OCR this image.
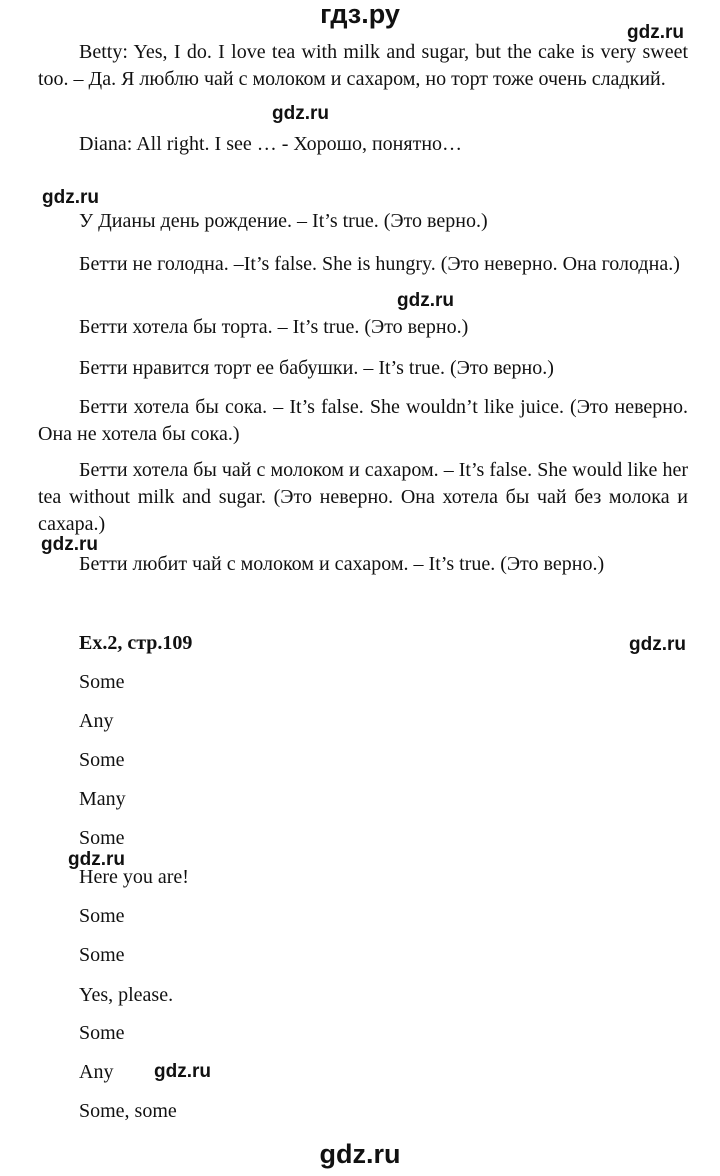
гдз.ру
gdz.ru
gdz.ru
gdz.ru
gdz.ru
gdz.ru
gdz.ru
gdz.ru
gdz.ru

Betty: Yes, I do. I love tea with milk and sugar, but the cake is very sweet too. – Да. Я люблю чай с молоком и сахаром, но торт тоже очень сладкий.

Diana: All right. I see … - Хорошо, понятно…

У Дианы день рождение. – It’s true. (Это верно.)

Бетти не голодна. –It’s false. She is hungry. (Это неверно. Она голодна.)

Бетти хотела бы торта. – It’s true. (Это верно.)

Бетти нравится торт ее бабушки. – It’s true. (Это верно.)

Бетти хотела бы сока. – It’s false. She wouldn’t like juice. (Это неверно. Она не хотела бы сока.)

Бетти хотела бы чай с молоком и сахаром. – It’s false. She would like her tea without milk and sugar. (Это неверно. Она хотела бы чай без молока и сахара.)

Бетти любит чай с молоком и сахаром. – It’s true. (Это верно.)

Ex.2, стр.109

Some

Any

Some

Many

Some

Here you are!

Some

Some

Yes, please.

Some

Any

Some, some

gdz.ru
